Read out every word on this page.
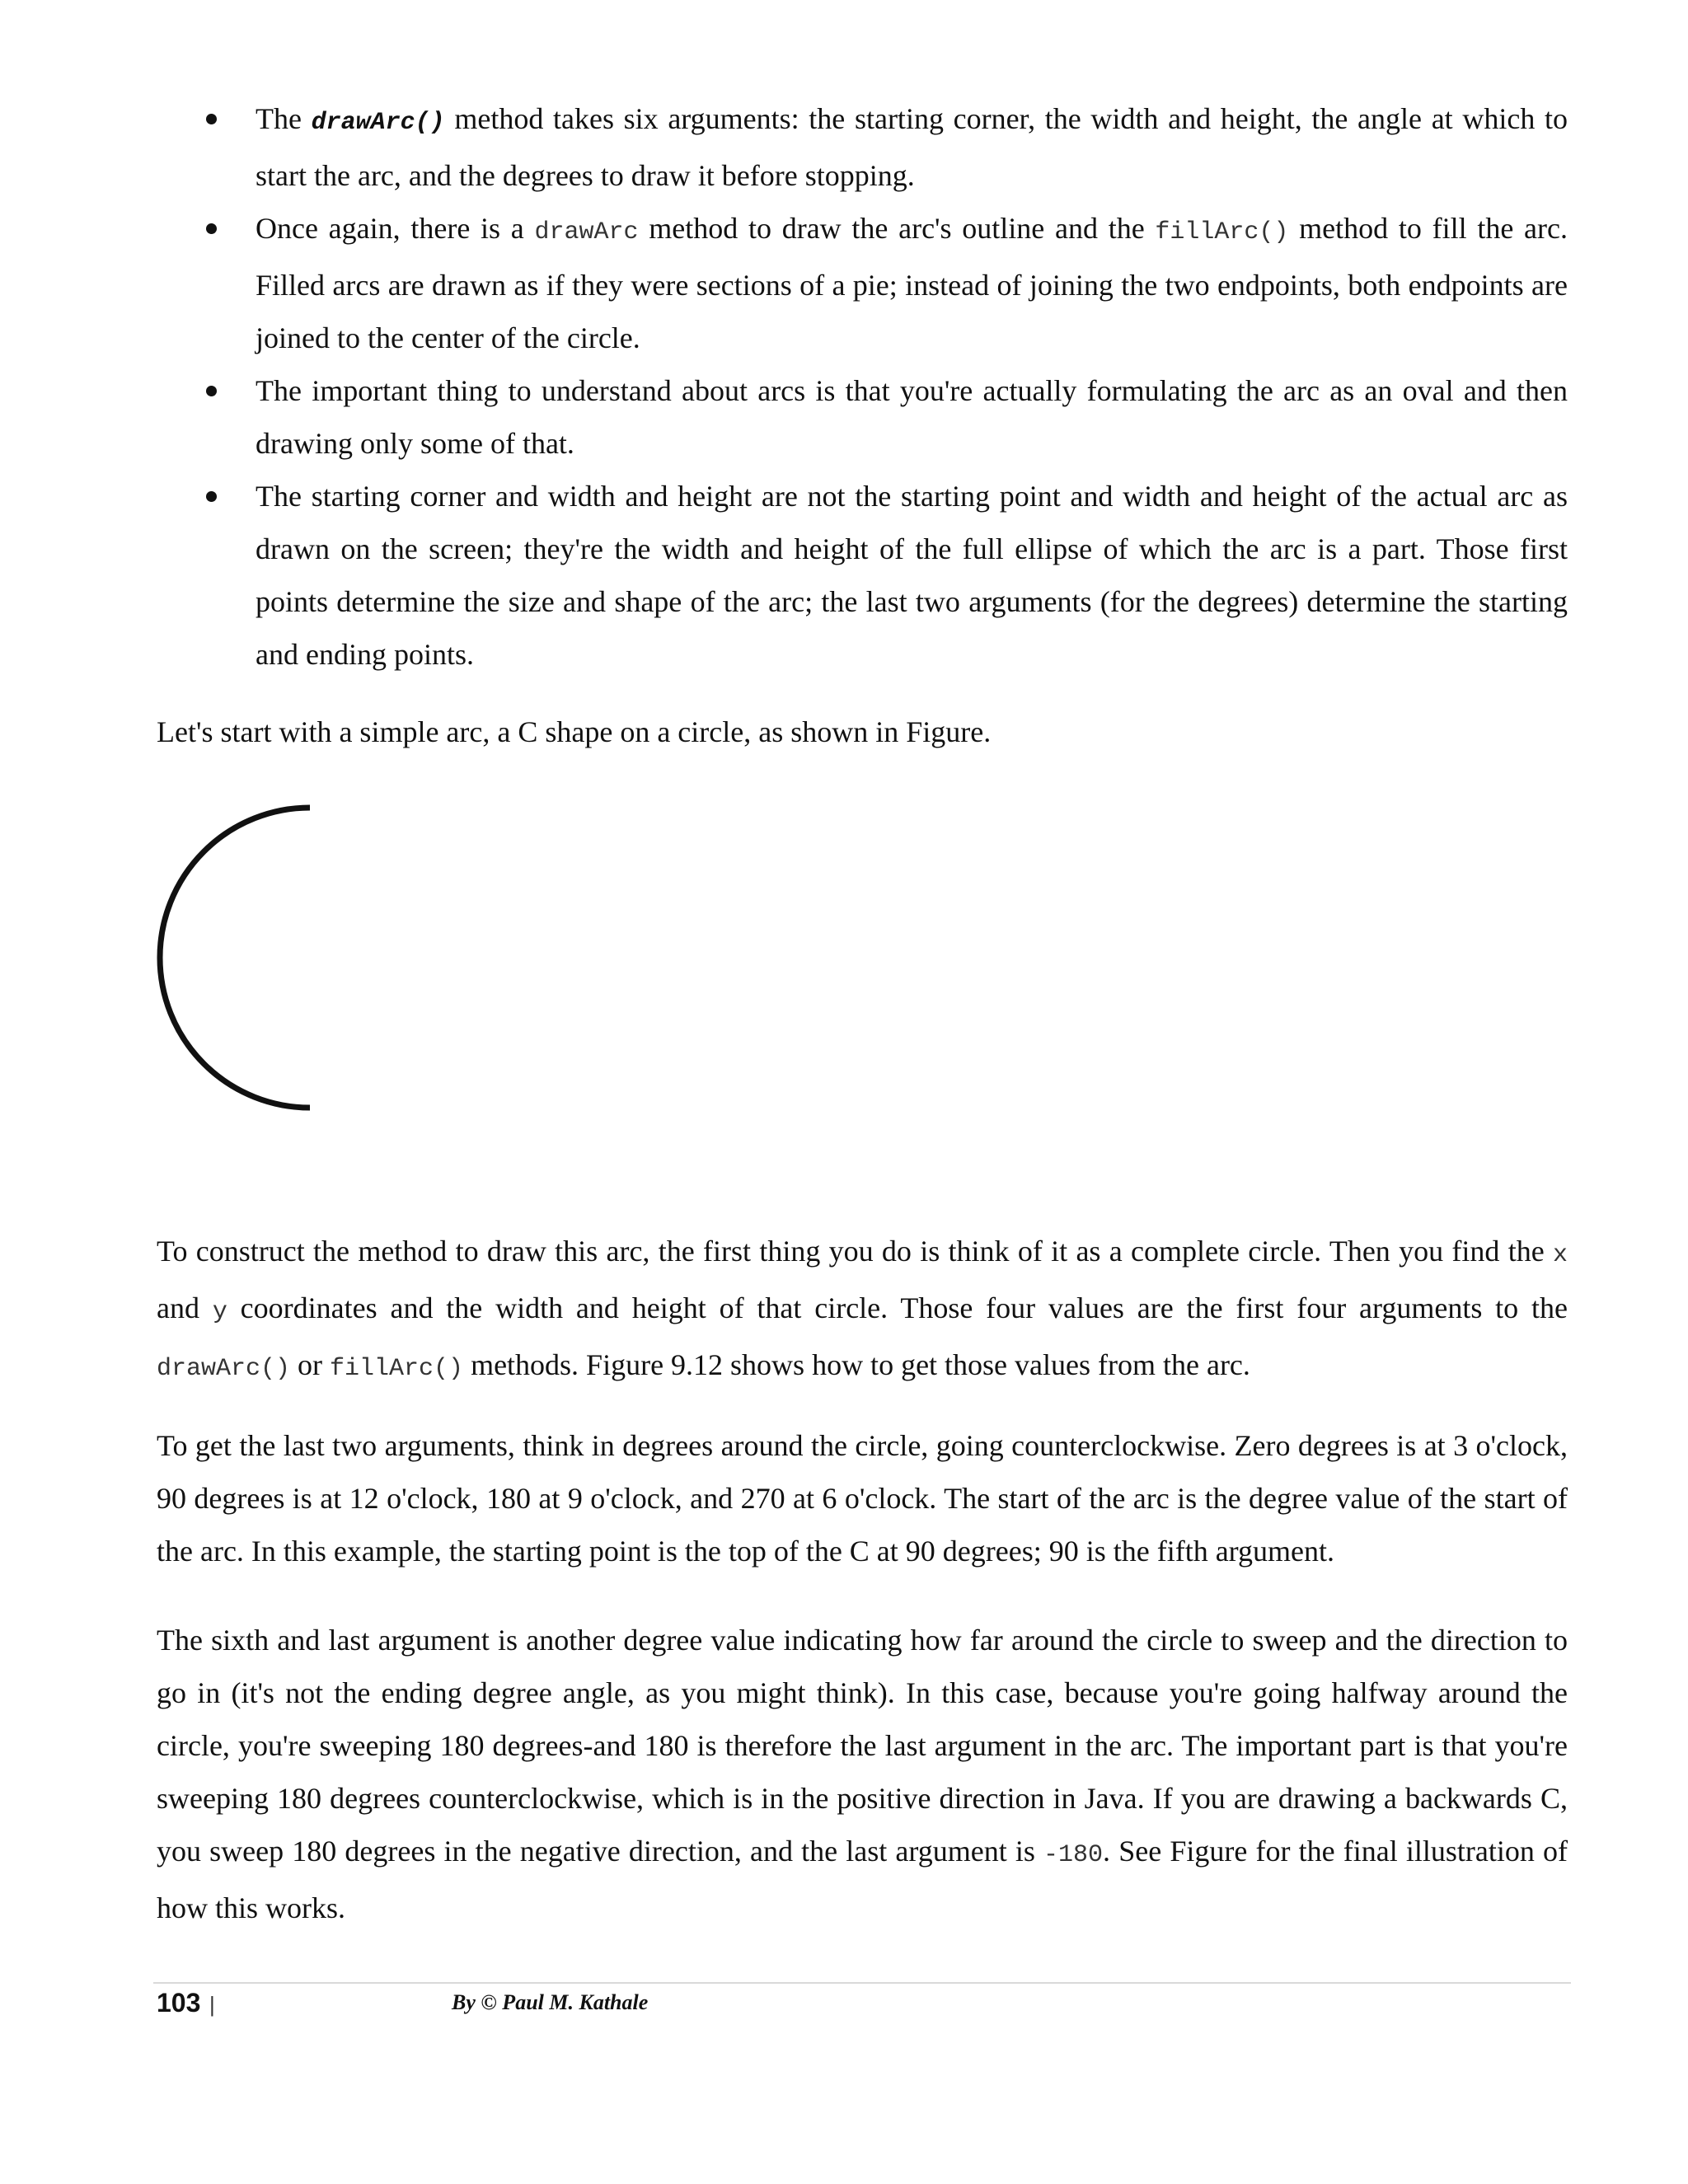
The drawArc() method takes six arguments: the starting corner, the width and height, the angle at which to start the arc, and the degrees to draw it before stopping.
Once again, there is a drawArc method to draw the arc's outline and the fillArc() method to fill the arc. Filled arcs are drawn as if they were sections of a pie; instead of joining the two endpoints, both endpoints are joined to the center of the circle.
The important thing to understand about arcs is that you're actually formulating the arc as an oval and then drawing only some of that.
The starting corner and width and height are not the starting point and width and height of the actual arc as drawn on the screen; they're the width and height of the full ellipse of which the arc is a part. Those first points determine the size and shape of the arc; the last two arguments (for the degrees) determine the starting and ending points.

Let's start with a simple arc, a C shape on a circle, as shown in Figure.

To construct the method to draw this arc, the first thing you do is think of it as a complete circle. Then you find the x and y coordinates and the width and height of that circle. Those four values are the first four arguments to the drawArc() or fillArc() methods. Figure 9.12 shows how to get those values from the arc.

To get the last two arguments, think in degrees around the circle, going counterclockwise. Zero degrees is at 3 o'clock, 90 degrees is at 12 o'clock, 180 at 9 o'clock, and 270 at 6 o'clock. The start of the arc is the degree value of the start of the arc. In this example, the starting point is the top of the C at 90 degrees; 90 is the fifth argument.

The sixth and last argument is another degree value indicating how far around the circle to sweep and the direction to go in (it's not the ending degree angle, as you might think). In this case, because you're going halfway around the circle, you're sweeping 180 degrees-and 180 is therefore the last argument in the arc. The important part is that you're sweeping 180 degrees counterclockwise, which is in the positive direction in Java. If you are drawing a backwards C, you sweep 180 degrees in the negative direction, and the last argument is -180. See Figure for the final illustration of how this works.

103 |	By © Paul M. Kathale
